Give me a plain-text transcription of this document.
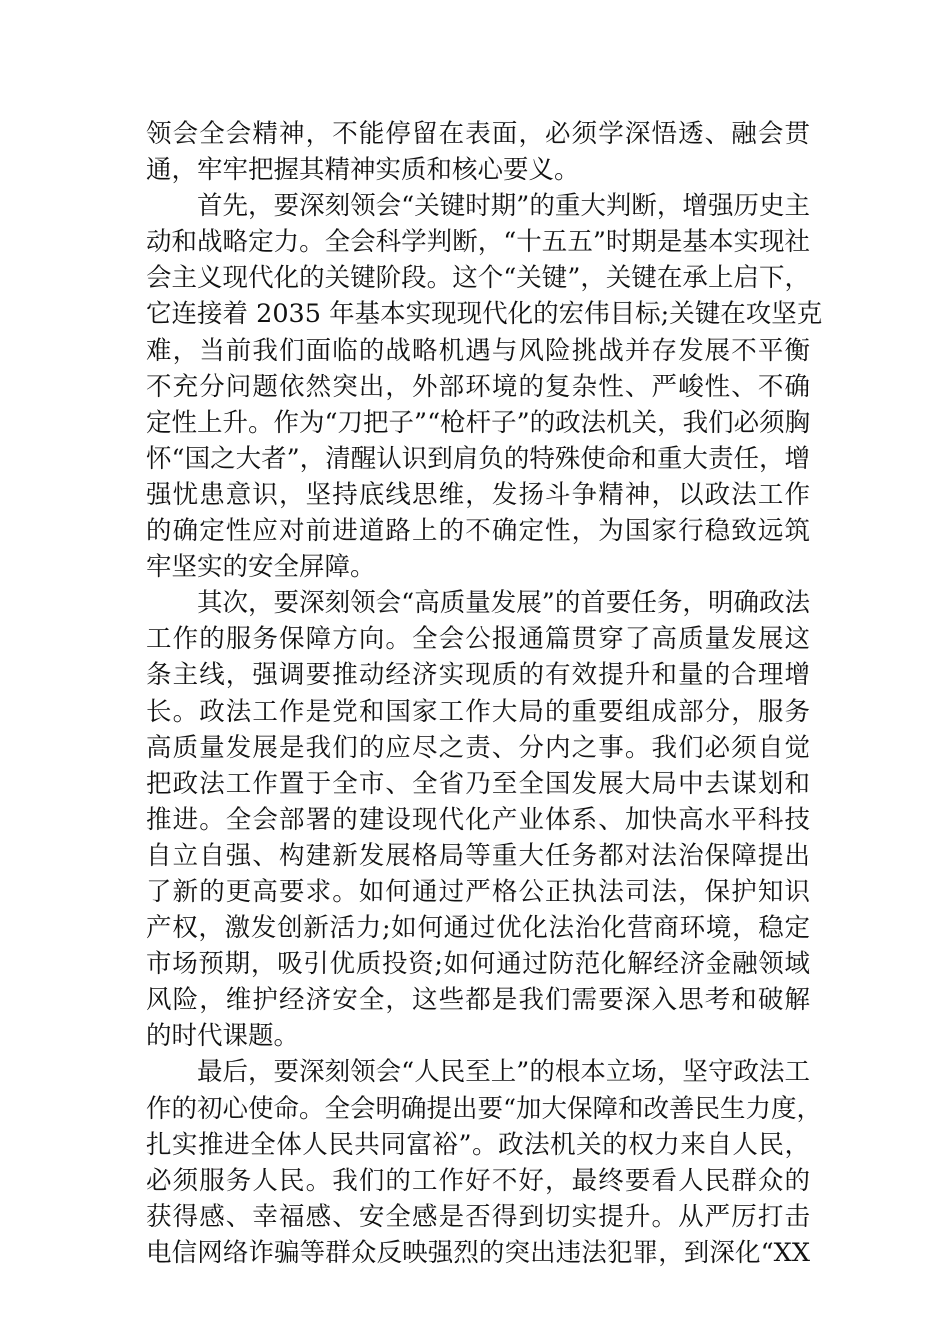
领会全会精神，不能停留在表面，必须学深悟透、融会贯
通，牢牢把握其精神实质和核心要义。
首先，要深刻领会“关键时期”的重大判断，增强历史主
动和战略定力。全会科学判断，“十五五”时期是基本实现社
会主义现代化的关键阶段。这个“关键”，关键在承上启下，
它连接着 2035 年基本实现现代化的宏伟目标;关键在攻坚克
难，当前我们面临的战略机遇与风险挑战并存发展不平衡
不充分问题依然突出，外部环境的复杂性、严峻性、不确
定性上升。作为“刀把子”“枪杆子”的政法机关，我们必须胸
怀“国之大者”，清醒认识到肩负的特殊使命和重大责任，增
强忧患意识，坚持底线思维，发扬斗争精神，以政法工作
的确定性应对前进道路上的不确定性，为国家行稳致远筑
牢坚实的安全屏障。
其次，要深刻领会“高质量发展”的首要任务，明确政法
工作的服务保障方向。全会公报通篇贯穿了高质量发展这
条主线，强调要推动经济实现质的有效提升和量的合理增
长。政法工作是党和国家工作大局的重要组成部分，服务
高质量发展是我们的应尽之责、分内之事。我们必须自觉
把政法工作置于全市、全省乃至全国发展大局中去谋划和
推进。全会部署的建设现代化产业体系、加快高水平科技
自立自强、构建新发展格局等重大任务都对法治保障提出
了新的更高要求。如何通过严格公正执法司法，保护知识
产权，激发创新活力;如何通过优化法治化营商环境，稳定
市场预期，吸引优质投资;如何通过防范化解经济金融领域
风险，维护经济安全，这些都是我们需要深入思考和破解
的时代课题。
最后，要深刻领会“人民至上”的根本立场，坚守政法工
作的初心使命。全会明确提出要“加大保障和改善民生力度，
扎实推进全体人民共同富裕”。政法机关的权力来自人民，
必须服务人民。我们的工作好不好，最终要看人民群众的
获得感、幸福感、安全感是否得到切实提升。从严厉打击
电信网络诈骗等群众反映强烈的突出违法犯罪，到深化“XX
